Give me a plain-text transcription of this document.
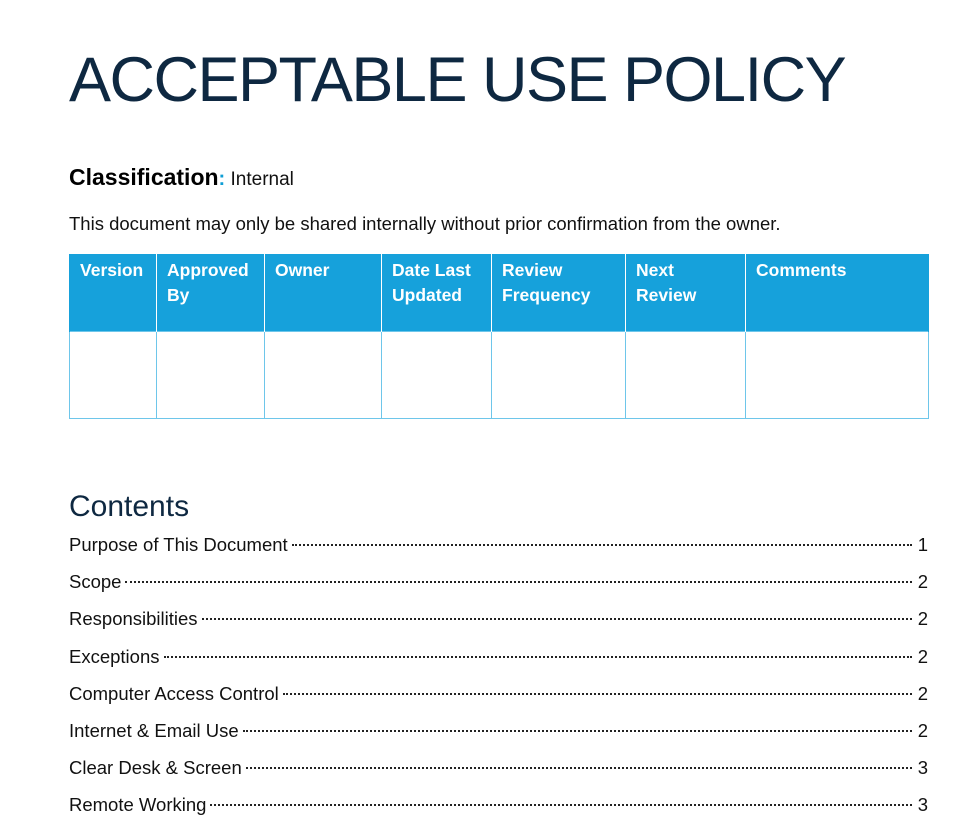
ACCEPTABLE USE POLICY
Classification: Internal

This document may only be shared internally without prior confirmation from the owner.

Version	Approved By	Owner	Date Last Updated	Review Frequency	Next Review	Comments

Contents
Purpose of This Document	1
Scope	2
Responsibilities	2
Exceptions	2
Computer Access Control	2
Internet & Email Use	2
Clear Desk & Screen	3
Remote Working	3
